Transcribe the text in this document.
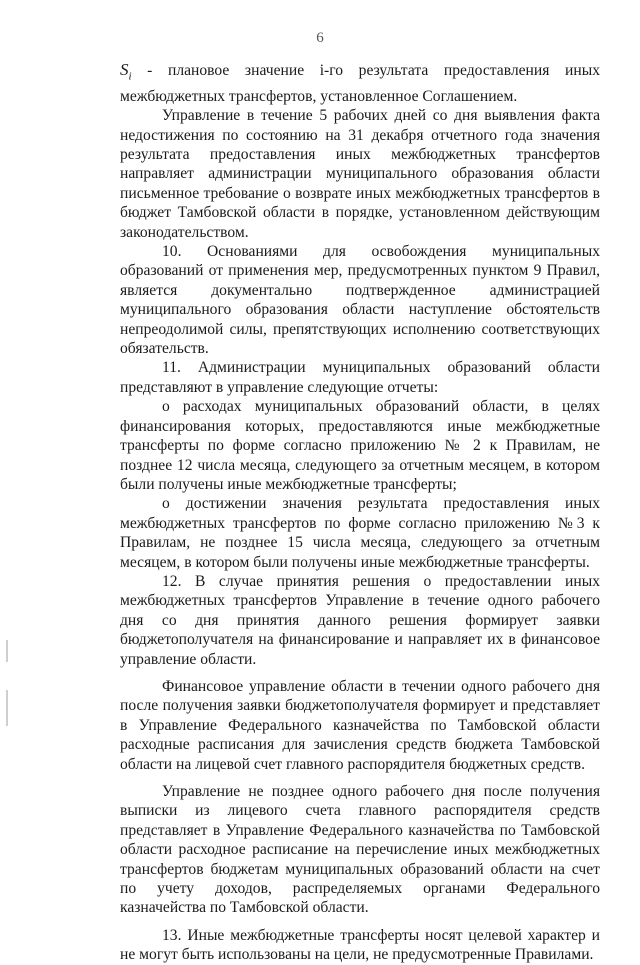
6

$S_i$ - плановое значение i-го результата предоставления иных межбюджетных трансфертов, установленное Соглашением.

Управление в течение 5 рабочих дней со дня выявления факта недостижения по состоянию на 31 декабря отчетного года значения результата предоставления иных межбюджетных трансфертов направляет администрации муниципального образования области письменное требование о возврате иных межбюджетных трансфертов в бюджет Тамбовской области в порядке, установленном действующим законодательством.

10. Основаниями для освобождения муниципальных образований от применения мер, предусмотренных пунктом 9 Правил, является документально подтвержденное администрацией муниципального образования области наступление обстоятельств непреодолимой силы, препятствующих исполнению соответствующих обязательств.

11. Администрации муниципальных образований области представляют в управление следующие отчеты:

о расходах муниципальных образований области, в целях финансирования которых, предоставляются иные межбюджетные трансферты по форме согласно приложению № 2 к Правилам, не позднее 12 числа месяца, следующего за отчетным месяцем, в котором были получены иные межбюджетные трансферты;

о достижении значения результата предоставления иных межбюджетных трансфертов по форме согласно приложению №3 к Правилам, не позднее 15 числа месяца, следующего за отчетным месяцем, в котором были получены иные межбюджетные трансферты.

12. В случае принятия решения о предоставлении иных межбюджетных трансфертов Управление в течение одного рабочего дня со дня принятия данного решения формирует заявки бюджетополучателя на финансирование и направляет их в финансовое управление области.

Финансовое управление области в течении одного рабочего дня после получения заявки бюджетополучателя формирует и представляет в Управление Федерального казначейства по Тамбовской области расходные расписания для зачисления средств бюджета Тамбовской области на лицевой счет главного распорядителя бюджетных средств.

Управление не позднее одного рабочего дня после получения выписки из лицевого счета главного распорядителя средств представляет в Управление Федерального казначейства по Тамбовской области расходное расписание на перечисление иных межбюджетных трансфертов бюджетам муниципальных образований области на счет по учету доходов, распределяемых органами Федерального казначейства по Тамбовской области.

13. Иные межбюджетные трансферты носят целевой характер и не могут быть использованы на цели, не предусмотренные Правилами.
